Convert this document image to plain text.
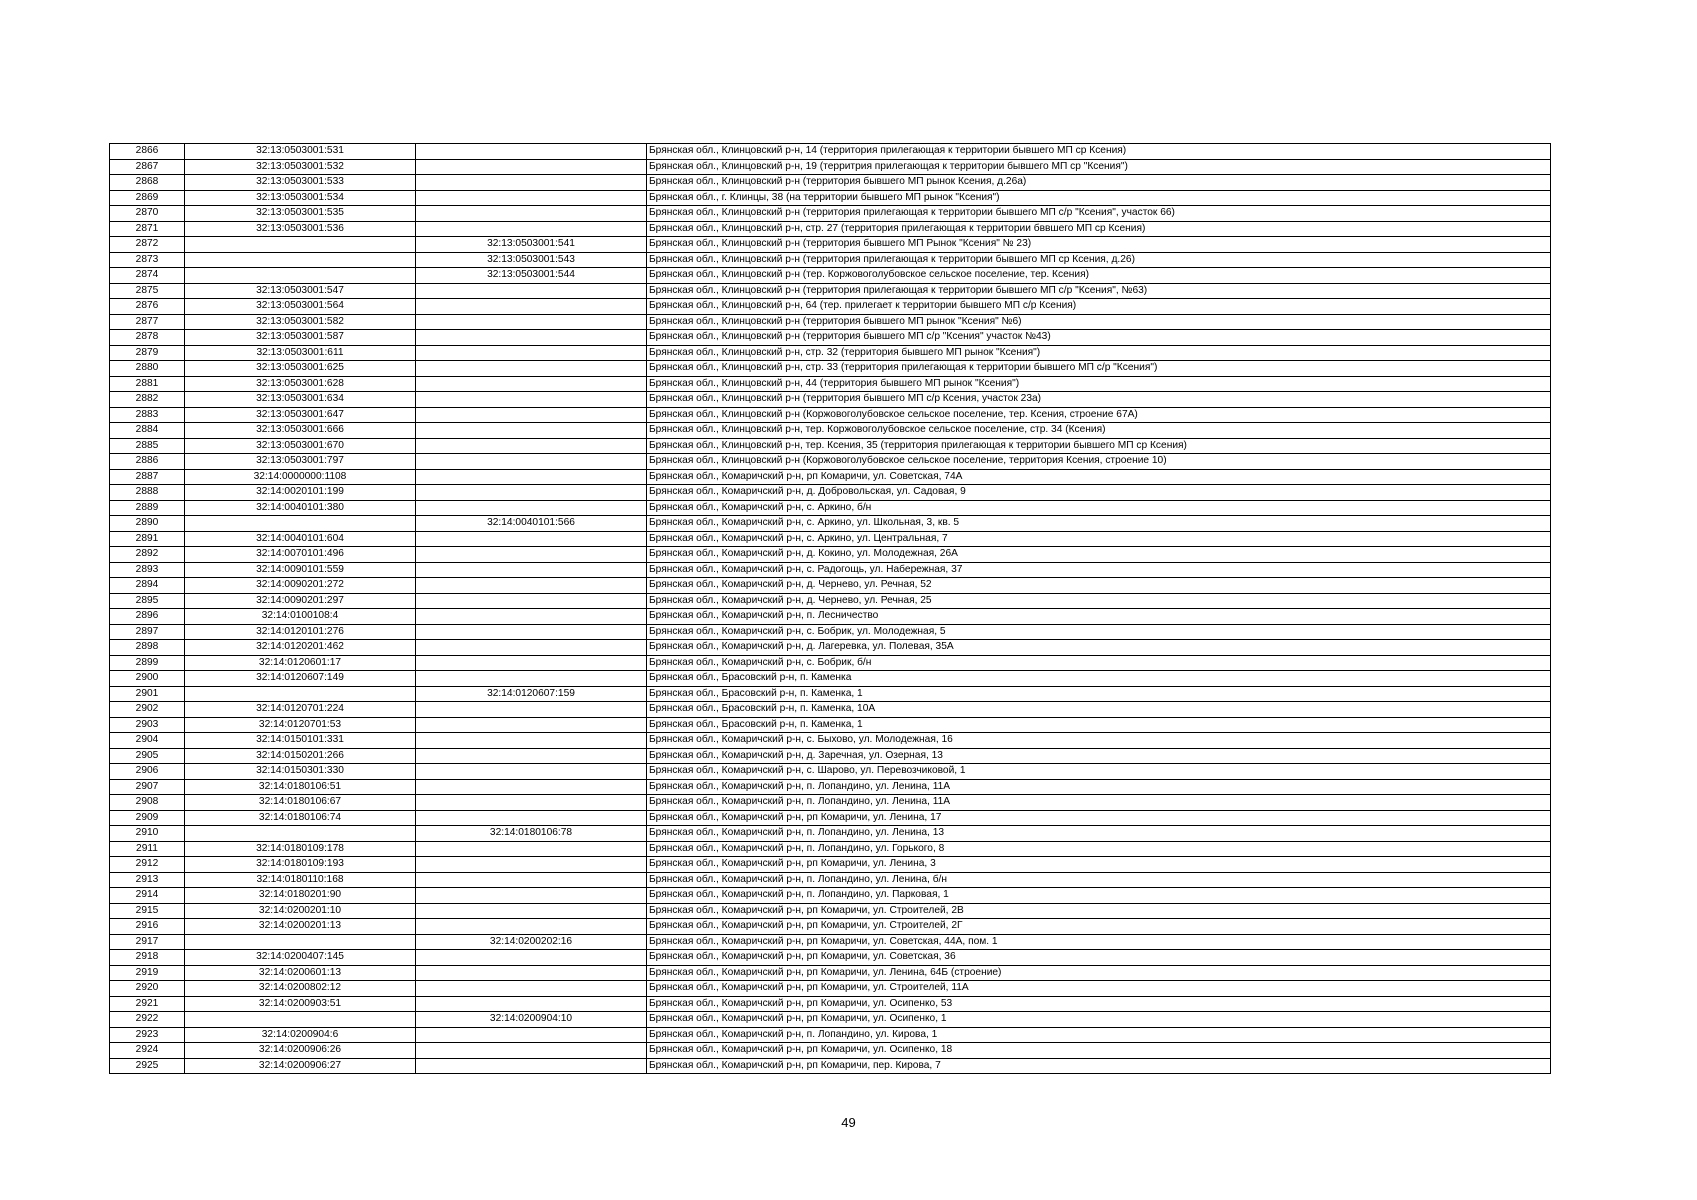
2866	32:13:0503001:531		Брянская обл., Клинцовский р-н, 14 (территория прилегающая к территории бывшего МП ср Ксения)
2867	32:13:0503001:532		Брянская обл., Клинцовский р-н, 19 (территрия прилегающая к территории бывшего МП ср "Ксения")
2868	32:13:0503001:533		Брянская обл., Клинцовский р-н (территория бывшего МП рынок Ксения, д.26а)
2869	32:13:0503001:534		Брянская обл., г. Клинцы, 38 (на территории бывшего МП рынок "Ксения")
2870	32:13:0503001:535		Брянская обл., Клинцовский р-н (территория прилегающая к территории бывшего МП с/р "Ксения", участок 66)
2871	32:13:0503001:536		Брянская обл., Клинцовский р-н, стр. 27 (территория прилегающая к территории бввшего МП ср Ксения)
2872		32:13:0503001:541	Брянская обл., Клинцовский р-н (территория бывшего МП Рынок "Ксения" № 23)
2873		32:13:0503001:543	Брянская обл., Клинцовский р-н (территория прилегающая к территории бывшего МП ср Ксения, д.26)
2874		32:13:0503001:544	Брянская обл., Клинцовский р-н (тер. Коржовоголубовское сельское поселение, тер. Ксения)
2875	32:13:0503001:547		Брянская обл., Клинцовский р-н (территория прилегающая к территории бывшего МП с/р "Ксения", №63)
2876	32:13:0503001:564		Брянская обл., Клинцовский р-н, 64 (тер. прилегает к территории бывшего МП с/р Ксения)
2877	32:13:0503001:582		Брянская обл., Клинцовский р-н (территория бывшего МП рынок "Ксения" №6)
2878	32:13:0503001:587		Брянская обл., Клинцовский р-н (территория бывшего МП с/р "Ксения" участок №43)
2879	32:13:0503001:611		Брянская обл., Клинцовский р-н, стр. 32 (территория бывшего МП рынок "Ксения")
2880	32:13:0503001:625		Брянская обл., Клинцовский р-н, стр. 33 (территория прилегающая к территории бывшего МП с/р "Ксения")
2881	32:13:0503001:628		Брянская обл., Клинцовский р-н, 44 (территория бывшего МП рынок "Ксения")
2882	32:13:0503001:634		Брянская обл., Клинцовский р-н (территория бывшего МП с/р Ксения, участок 23а)
2883	32:13:0503001:647		Брянская обл., Клинцовский р-н (Коржовоголубовское сельское поселение, тер. Ксения, строение 67А)
2884	32:13:0503001:666		Брянская обл., Клинцовский р-н, тер. Коржовоголубовское сельское поселение, стр. 34 (Ксения)
2885	32:13:0503001:670		Брянская обл., Клинцовский р-н, тер. Ксения, 35 (территория прилегающая к территории бывшего МП ср Ксения)
2886	32:13:0503001:797		Брянская обл., Клинцовский р-н (Коржовоголубовское сельское поселение, территория Ксения, строение 10)
2887	32:14:0000000:1108		Брянская обл., Комаричский р-н, рп Комаричи, ул. Советская, 74А
2888	32:14:0020101:199		Брянская обл., Комаричский р-н, д. Добровольская, ул. Садовая, 9
2889	32:14:0040101:380		Брянская обл., Комаричский р-н, с. Аркино, б/н
2890		32:14:0040101:566	Брянская обл., Комаричский р-н, с. Аркино, ул. Школьная, 3, кв. 5
2891	32:14:0040101:604		Брянская обл., Комаричский р-н, с. Аркино, ул. Центральная, 7
2892	32:14:0070101:496		Брянская обл., Комаричский р-н, д. Кокино, ул. Молодежная, 26А
2893	32:14:0090101:559		Брянская обл., Комаричский р-н, с. Радогощь, ул. Набережная, 37
2894	32:14:0090201:272		Брянская обл., Комаричский р-н, д. Чернево, ул. Речная, 52
2895	32:14:0090201:297		Брянская обл., Комаричский р-н, д. Чернево, ул. Речная, 25
2896	32:14:0100108:4		Брянская обл., Комаричский р-н, п. Лесничество
2897	32:14:0120101:276		Брянская обл., Комаричский р-н, с. Бобрик, ул. Молодежная, 5
2898	32:14:0120201:462		Брянская обл., Комаричский р-н, д. Лагеревка, ул. Полевая, 35А
2899	32:14:0120601:17		Брянская обл., Комаричский р-н, с. Бобрик, б/н
2900	32:14:0120607:149		Брянская обл., Брасовский р-н, п. Каменка
2901		32:14:0120607:159	Брянская обл., Брасовский р-н, п. Каменка, 1
2902	32:14:0120701:224		Брянская обл., Брасовский р-н, п. Каменка, 10А
2903	32:14:0120701:53		Брянская обл., Брасовский р-н, п. Каменка, 1
2904	32:14:0150101:331		Брянская обл., Комаричский р-н, с. Быхово, ул. Молодежная, 16
2905	32:14:0150201:266		Брянская обл., Комаричский р-н, д. Заречная, ул. Озерная, 13
2906	32:14:0150301:330		Брянская обл., Комаричский р-н, с. Шарово, ул. Перевозчиковой, 1
2907	32:14:0180106:51		Брянская обл., Комаричский р-н, п. Лопандино, ул. Ленина, 11А
2908	32:14:0180106:67		Брянская обл., Комаричский р-н, п. Лопандино, ул. Ленина, 11А
2909	32:14:0180106:74		Брянская обл., Комаричский р-н, рп Комаричи, ул. Ленина, 17
2910		32:14:0180106:78	Брянская обл., Комаричский р-н, п. Лопандино, ул. Ленина, 13
2911	32:14:0180109:178		Брянская обл., Комаричский р-н, п. Лопандино, ул. Горького, 8
2912	32:14:0180109:193		Брянская обл., Комаричский р-н, рп Комаричи, ул. Ленина, 3
2913	32:14:0180110:168		Брянская обл., Комаричский р-н, п. Лопандино, ул. Ленина, б/н
2914	32:14:0180201:90		Брянская обл., Комаричский р-н, п. Лопандино, ул. Парковая, 1
2915	32:14:0200201:10		Брянская обл., Комаричский р-н, рп Комаричи, ул. Строителей, 2В
2916	32:14:0200201:13		Брянская обл., Комаричский р-н, рп Комаричи, ул. Строителей, 2Г
2917		32:14:0200202:16	Брянская обл., Комаричский р-н, рп Комаричи, ул. Советская, 44А, пом. 1
2918	32:14:0200407:145		Брянская обл., Комаричский р-н, рп Комаричи, ул. Советская, 36
2919	32:14:0200601:13		Брянская обл., Комаричский р-н, рп Комаричи, ул. Ленина, 64Б (строение)
2920	32:14:0200802:12		Брянская обл., Комаричский р-н, рп Комаричи, ул. Строителей, 11А
2921	32:14:0200903:51		Брянская обл., Комаричский р-н, рп Комаричи, ул. Осипенко, 53
2922		32:14:0200904:10	Брянская обл., Комаричский р-н, рп Комаричи, ул. Осипенко, 1
2923	32:14:0200904:6		Брянская обл., Комаричский р-н, п. Лопандино, ул. Кирова, 1
2924	32:14:0200906:26		Брянская обл., Комаричский р-н, рп Комаричи, ул. Осипенко, 18
2925	32:14:0200906:27		Брянская обл., Комаричский р-н, рп Комаричи, пер. Кирова, 7
49
